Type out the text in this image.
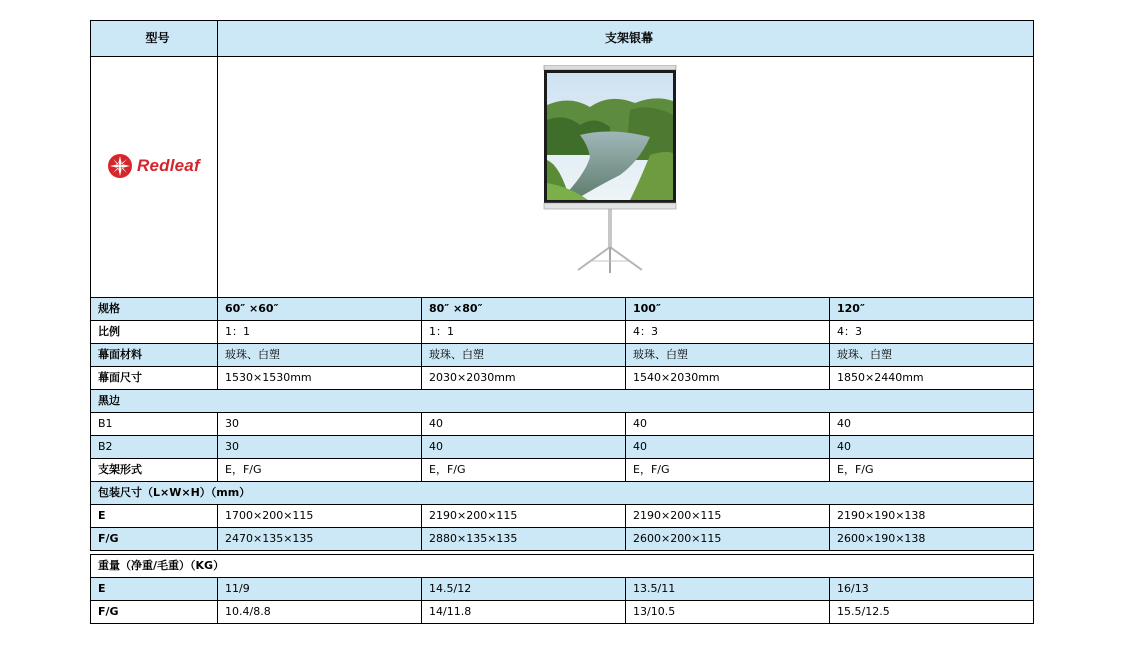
型号	支架银幕			

Redleaf

规格	60″ ×60″	80″ ×80″	100″	120″
比例	1：1	1：1	4：3	4：3
幕面材料	玻珠、白塑	玻珠、白塑	玻珠、白塑	玻珠、白塑
幕面尺寸	1530×1530mm	2030×2030mm	1540×2030mm	1850×2440mm
黑边				
B1	30	40	40	40
B2	30	40	40	40
支架形式	E，F/G	E，F/G	E，F/G	E，F/G
包装尺寸（L×W×H）（mm）				
E	1700×200×115	2190×200×115	2190×200×115	2190×190×138
F/G	2470×135×135	2880×135×135	2600×200×115	2600×190×138

重量（净重/毛重）（KG）				
E	11/9	14.5/12	13.5/11	16/13
F/G	10.4/8.8	14/11.8	13/10.5	15.5/12.5
